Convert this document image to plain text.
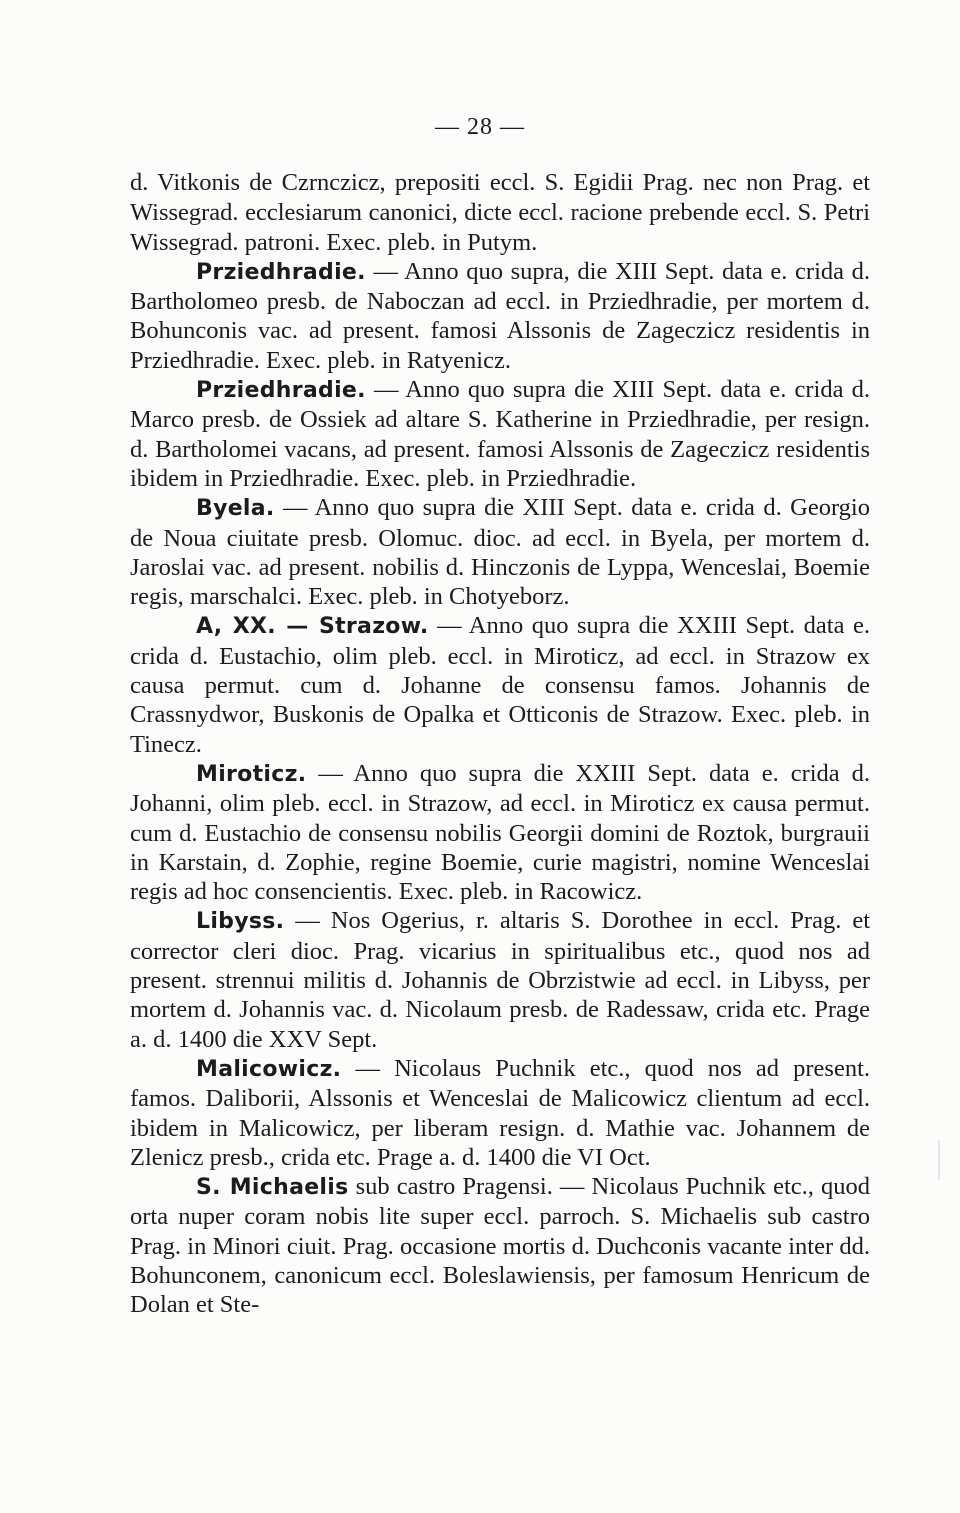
— 28 —

d. Vitkonis de Czrnczicz, prepositi eccl. S. Egidii Prag. nec non Prag. et Wissegrad. ecclesiarum canonici, dicte eccl. racione prebende eccl. S. Petri Wissegrad. patroni. Exec. pleb. in Putym.

Prziedhradie. — Anno quo supra, die XIII Sept. data e. crida d. Bartholomeo presb. de Naboczan ad eccl. in Prziedhradie, per mortem d. Bohunconis vac. ad present. famosi Alssonis de Zageczicz residentis in Prziedhradie. Exec. pleb. in Ratyenicz.

Prziedhradie. — Anno quo supra die XIII Sept. data e. crida d. Marco presb. de Ossiek ad altare S. Katherine in Prziedhradie, per resign. d. Bartholomei vacans, ad present. famosi Alssonis de Zageczicz residentis ibidem in Prziedhradie. Exec. pleb. in Prziedhradie.

Byela. — Anno quo supra die XIII Sept. data e. crida d. Georgio de Noua ciuitate presb. Olomuc. dioc. ad eccl. in Byela, per mortem d. Jaroslai vac. ad present. nobilis d. Hinczonis de Lyppa, Wenceslai, Boemie regis, marschalci. Exec. pleb. in Chotyeborz.

A, XX. — Strazow. — Anno quo supra die XXIII Sept. data e. crida d. Eustachio, olim pleb. eccl. in Miroticz, ad eccl. in Strazow ex causa permut. cum d. Johanne de consensu famos. Johannis de Crassnydwor, Buskonis de Opalka et Otticonis de Strazow. Exec. pleb. in Tinecz.

Miroticz. — Anno quo supra die XXIII Sept. data e. crida d. Johanni, olim pleb. eccl. in Strazow, ad eccl. in Miroticz ex causa permut. cum d. Eustachio de consensu nobilis Georgii domini de Roztok, burgrauii in Karstain, d. Zophie, regine Boemie, curie magistri, nomine Wenceslai regis ad hoc consencientis. Exec. pleb. in Racowicz.

Libyss. — Nos Ogerius, r. altaris S. Dorothee in eccl. Prag. et corrector cleri dioc. Prag. vicarius in spiritualibus etc., quod nos ad present. strennui militis d. Johannis de Obrzistwie ad eccl. in Libyss, per mortem d. Johannis vac. d. Nicolaum presb. de Radessaw, crida etc. Prage a. d. 1400 die XXV Sept.

Malicowicz. — Nicolaus Puchnik etc., quod nos ad present. famos. Daliborii, Alssonis et Wenceslai de Malicowicz clientum ad eccl. ibidem in Malicowicz, per liberam resign. d. Mathie vac. Johannem de Zlenicz presb., crida etc. Prage a. d. 1400 die VI Oct.

S. Michaelis sub castro Pragensi. — Nicolaus Puchnik etc., quod orta nuper coram nobis lite super eccl. parroch. S. Michaelis sub castro Prag. in Minori ciuit. Prag. occasione mortis d. Duchconis vacante inter dd. Bohunconem, canonicum eccl. Boleslawiensis, per famosum Henricum de Dolan et Ste-
